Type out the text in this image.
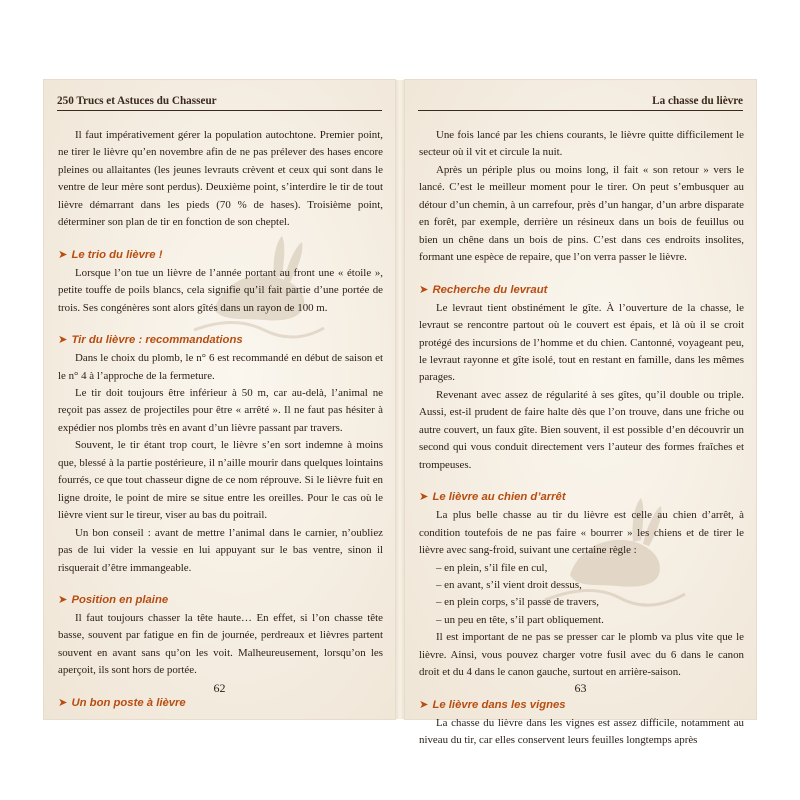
250 Trucs et Astuces du Chasseur

Il faut impérativement gérer la population autochtone. Premier point, ne tirer le lièvre qu’en novembre afin de ne pas prélever des hases encore pleines ou allaitantes (les jeunes levrauts crèvent et ceux qui sont dans le ventre de leur mère sont perdus). Deuxième point, s’interdire le tir de tout lièvre démarrant dans les pieds (70 % de hases). Troisième point, déterminer son plan de tir en fonction de son cheptel.

➤ Le trio du lièvre !

Lorsque l’on tue un lièvre de l’année portant au front une « étoile », petite touffe de poils blancs, cela signifie qu’il fait partie d’une portée de trois. Ses congénères sont alors gîtés dans un rayon de 100 m.

➤ Tir du lièvre : recommandations

Dans le choix du plomb, le n° 6 est recommandé en début de saison et le n° 4 à l’approche de la fermeture.

Le tir doit toujours être inférieur à 50 m, car au-delà, l’animal ne reçoit pas assez de projectiles pour être « arrêté ». Il ne faut pas hésiter à expédier nos plombs très en avant d’un lièvre passant par travers.

Souvent, le tir étant trop court, le lièvre s’en sort indemne à moins que, blessé à la partie postérieure, il n’aille mourir dans quelques lointains fourrés, ce que tout chasseur digne de ce nom réprouve. Si le lièvre fuit en ligne droite, le point de mire se situe entre les oreilles. Pour le cas où le lièvre vient sur le tireur, viser au bas du poitrail.

Un bon conseil : avant de mettre l’animal dans le carnier, n’oubliez pas de lui vider la vessie en lui appuyant sur le bas ventre, sinon il risquerait d’être immangeable.

➤ Position en plaine

Il faut toujours chasser la tête haute… En effet, si l’on chasse tête basse, souvent par fatigue en fin de journée, perdreaux et lièvres partent souvent en avant sans qu’on les voit. Malheureusement, lorsqu’on les aperçoit, ils sont hors de portée.

➤ Un bon poste à lièvre
62
La chasse du lièvre

Une fois lancé par les chiens courants, le lièvre quitte difficilement le secteur où il vit et circule la nuit.

Après un périple plus ou moins long, il fait « son retour » vers le lancé. C’est le meilleur moment pour le tirer. On peut s’embusquer au détour d’un chemin, à un carrefour, près d’un hangar, d’un arbre disparate en forêt, par exemple, derrière un résineux dans un bois de feuillus ou bien un chêne dans un bois de pins. C’est dans ces endroits insolites, formant une espèce de repaire, que l’on verra passer le lièvre.

➤ Recherche du levraut

Le levraut tient obstinément le gîte. À l’ouverture de la chasse, le levraut se rencontre partout où le couvert est épais, et là où il se croit protégé des incursions de l’homme et du chien. Cantonné, voyageant peu, le levraut rayonne et gîte isolé, tout en restant en famille, dans les mêmes parages.

Revenant avec assez de régularité à ses gîtes, qu’il double ou triple. Aussi, est-il prudent de faire halte dès que l’on trouve, dans une friche ou autre couvert, un faux gîte. Bien souvent, il est possible d’en découvrir un second qui vous conduit directement vers l’auteur des formes fraîches et trompeuses.

➤ Le lièvre au chien d’arrêt

La plus belle chasse au tir du lièvre est celle au chien d’arrêt, à condition toutefois de ne pas faire « bourrer » les chiens et de tirer le lièvre avec sang-froid, suivant une certaine règle :

– en plein, s’il file en cul,

– en avant, s’il vient droit dessus,

– en plein corps, s’il passe de travers,

– un peu en tête, s’il part obliquement.

Il est important de ne pas se presser car le plomb va plus vite que le lièvre. Ainsi, vous pouvez charger votre fusil avec du 6 dans le canon droit et du 4 dans le canon gauche, surtout en arrière-saison.

➤ Le lièvre dans les vignes

La chasse du lièvre dans les vignes est assez difficile, notamment au niveau du tir, car elles conservent leurs feuilles longtemps après

63
